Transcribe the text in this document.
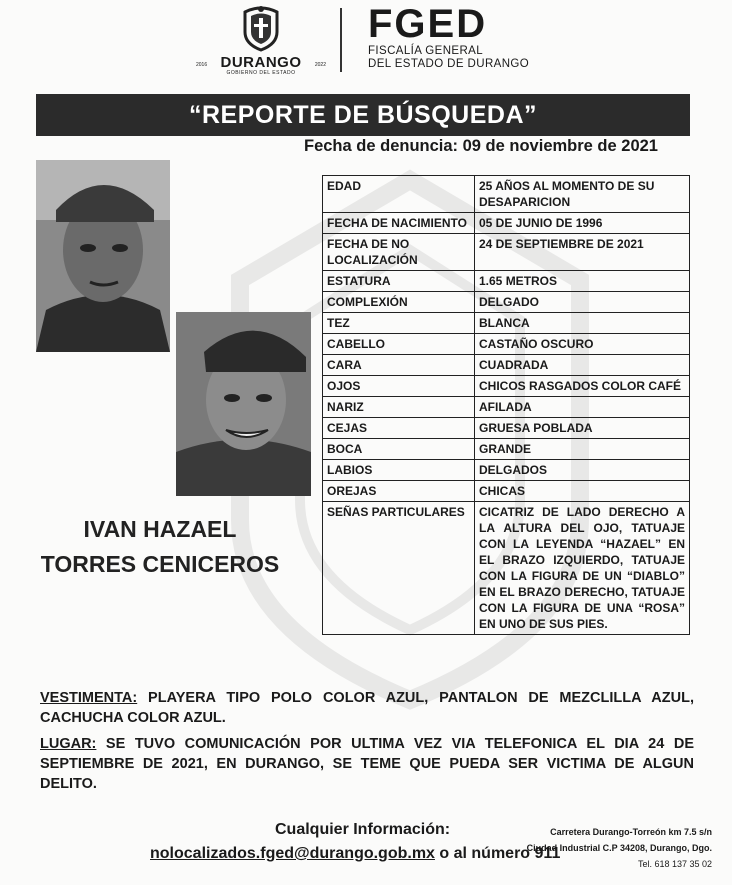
2016 DURANGO	2022
GOBIERNO DEL ESTADO
FGED
FISCALÍA GENERAL
DEL ESTADO DE DURANGO
“REPORTE DE BÚSQUEDA”
Fecha de denuncia: 09 de noviembre de 2021
IVAN HAZAEL
TORRES CENICEROS
EDAD	25 AÑOS AL MOMENTO DE SU DESAPARICION
FECHA DE NACIMIENTO	05 DE JUNIO DE 1996
FECHA DE NO LOCALIZACIÓN	24 DE SEPTIEMBRE DE 2021
ESTATURA	1.65 METROS
COMPLEXIÓN	DELGADO
TEZ	BLANCA
CABELLO	CASTAÑO OSCURO
CARA	CUADRADA
OJOS	CHICOS RASGADOS COLOR CAFÉ
NARIZ	AFILADA
CEJAS	GRUESA POBLADA
BOCA	GRANDE
LABIOS	DELGADOS
OREJAS	CHICAS
SEÑAS PARTICULARES	CICATRIZ DE LADO DERECHO A LA ALTURA DEL OJO, TATUAJE CON LA LEYENDA “HAZAEL” EN EL BRAZO IZQUIERDO, TATUAJE CON LA FIGURA DE UN “DIABLO” EN EL BRAZO DERECHO, TATUAJE CON LA FIGURA DE UNA “ROSA” EN UNO DE SUS PIES.
VESTIMENTA: PLAYERA TIPO POLO COLOR AZUL, PANTALON DE MEZCLILLA AZUL, CACHUCHA COLOR AZUL.
LUGAR: SE TUVO COMUNICACIÓN POR ULTIMA VEZ VIA TELEFONICA EL DIA 24 DE SEPTIEMBRE DE 2021, EN DURANGO, SE TEME QUE PUEDA SER VICTIMA DE ALGUN DELITO.
Cualquier Información:
nolocalizados.fged@durango.gob.mx o al número 911
Carretera Durango-Torreón km 7.5 s/n
Ciudad Industrial C.P 34208, Durango, Dgo.
Tel. 618 137 35 02
